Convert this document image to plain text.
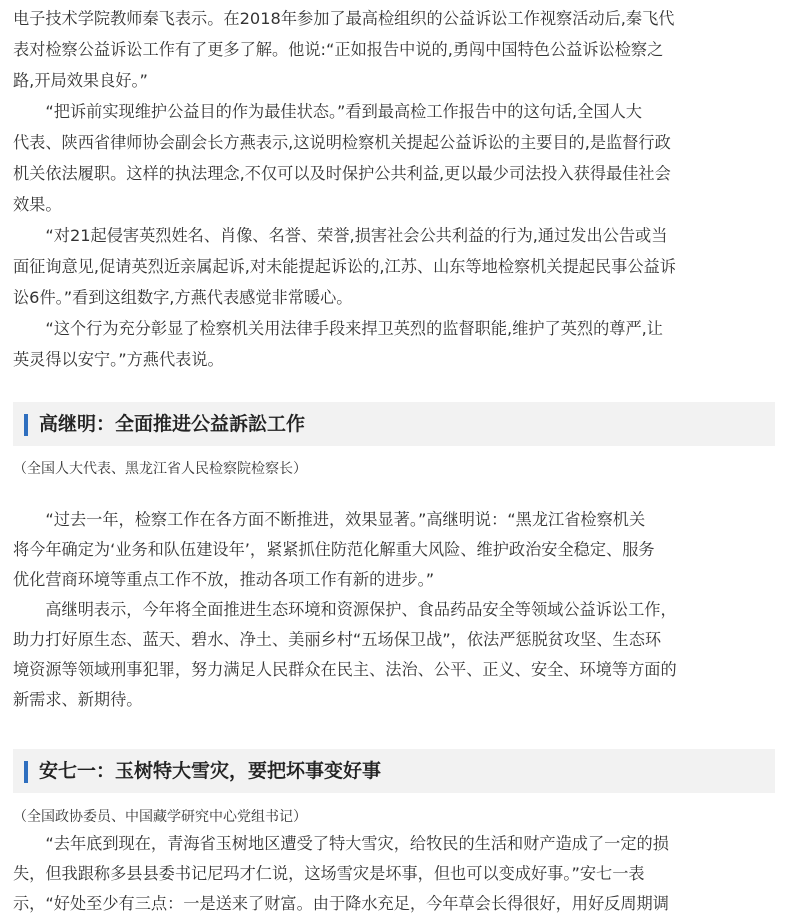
电子技术学院教师秦飞表示。在2018年参加了最高检组织的公益诉讼工作视察活动后,秦飞代
表对检察公益诉讼工作有了更多了解。他说:“正如报告中说的,勇闯中国特色公益诉讼检察之
路,开局效果良好。”
　　“把诉前实现维护公益目的作为最佳状态。”看到最高检工作报告中的这句话,全国人大
代表、陕西省律师协会副会长方燕表示,这说明检察机关提起公益诉讼的主要目的,是监督行政
机关依法履职。这样的执法理念,不仅可以及时保护公共利益,更以最少司法投入获得最佳社会
效果。
　　“对21起侵害英烈姓名、肖像、名誉、荣誉,损害社会公共利益的行为,通过发出公告或当
面征询意见,促请英烈近亲属起诉,对未能提起诉讼的,江苏、山东等地检察机关提起民事公益诉
讼6件。”看到这组数字,方燕代表感觉非常暖心。
　　“这个行为充分彰显了检察机关用法律手段来捍卫英烈的监督职能,维护了英烈的尊严,让
英灵得以安宁。”方燕代表说。
高继明：全面推进公益訴訟工作
（全国人大代表、黑龙江省人民检察院检察长）
　　“过去一年，检察工作在各方面不断推进，效果显著。”高继明说：“黑龙江省检察机关
将今年确定为‘业务和队伍建设年’，紧紧抓住防范化解重大风险、维护政治安全稳定、服务
优化营商环境等重点工作不放，推动各项工作有新的进步。”
　　高继明表示，今年将全面推进生态环境和资源保护、食品药品安全等领域公益诉讼工作，
助力打好原生态、蓝天、碧水、净土、美丽乡村“五场保卫战”，依法严惩脱贫攻坚、生态环
境资源等领域刑事犯罪，努力满足人民群众在民主、法治、公平、正义、安全、环境等方面的
新需求、新期待。
安七一：玉树特大雪灾，要把坏事变好事
（全国政协委员、中国藏学研究中心党组书记）
　　“去年底到现在，青海省玉树地区遭受了特大雪灾，给牧民的生活和财产造成了一定的损
失，但我跟称多县县委书记尼玛才仁说，这场雪灾是坏事，但也可以变成好事。”安七一表
示，“好处至少有三点：一是送来了财富。由于降水充足，今年草会长得很好，用好反周期调
